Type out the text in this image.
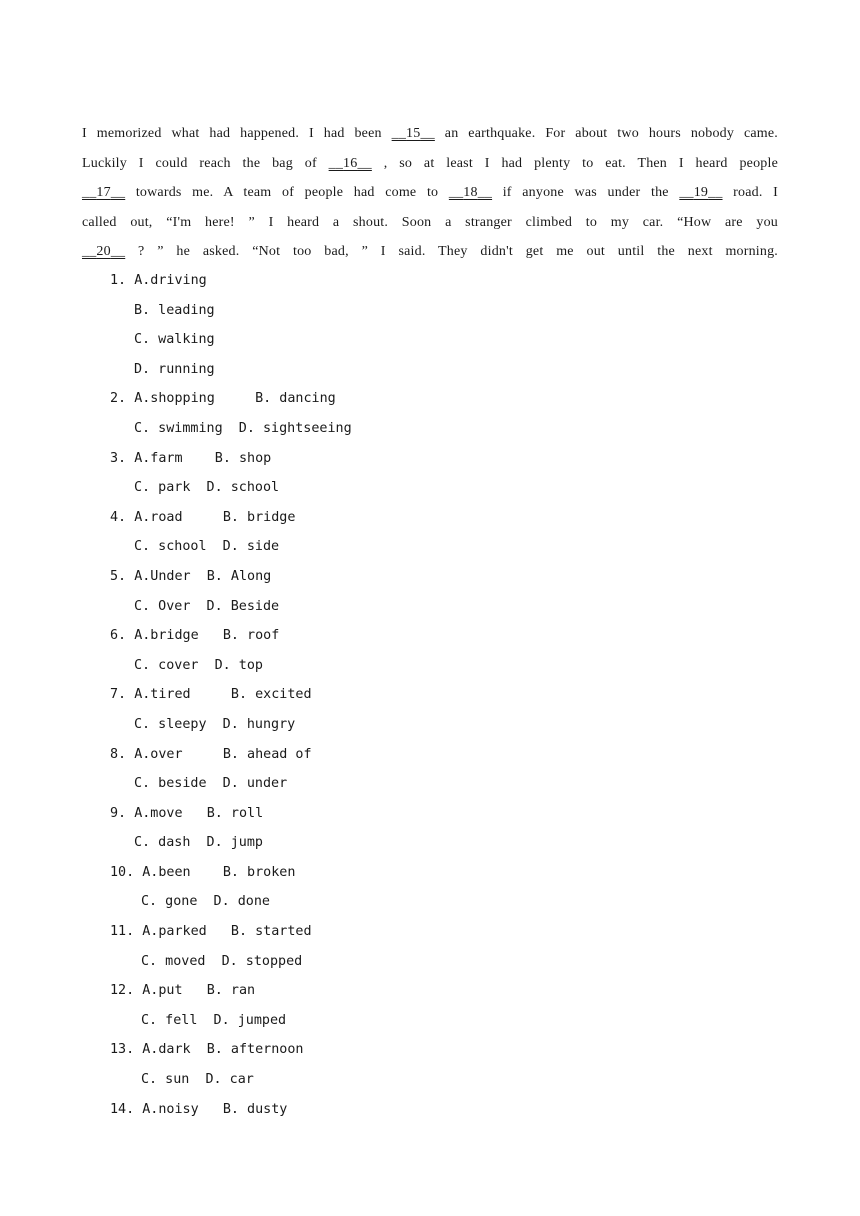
I memorized what had happened. I had been __15__ an earthquake. For about two hours nobody came.
Luckily I could reach the bag of __16__ , so at least I had plenty to eat. Then I heard people
__17__ towards me. A team of people had come to __18__ if anyone was under the __19__ road. I
called out, “I'm here! ” I heard a shout. Soon a stranger climbed to my car. “How are you
__20__ ? ” he asked. “Not too bad, ” I said. They didn't get me out until the next morning.
1. A.driving
B. leading
C. walking
D. running
2. A.shopping     B. dancing
C. swimming  D. sightseeing
3. A.farm    B. shop
C. park  D. school
4. A.road     B. bridge
C. school  D. side
5. A.Under  B. Along
C. Over  D. Beside
6. A.bridge   B. roof
C. cover  D. top
7. A.tired     B. excited
C. sleepy  D. hungry
8. A.over     B. ahead of
C. beside  D. under
9. A.move   B. roll
C. dash  D. jump
10. A.been    B. broken
C. gone  D. done
11. A.parked   B. started
C. moved  D. stopped
12. A.put   B. ran
C. fell  D. jumped
13. A.dark  B. afternoon
C. sun  D. car
14. A.noisy   B. dusty
